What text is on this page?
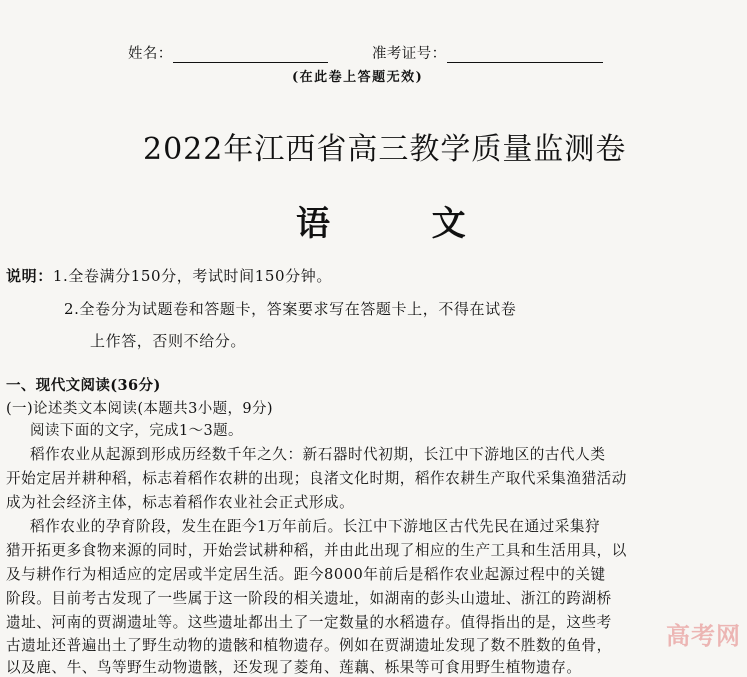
姓名：	准考证号：
(在此卷上答题无效)
2022年江西省高三教学质量监测卷
语  文
说明：1.全卷满分150分，考试时间150分钟。
2.全卷分为试题卷和答题卡，答案要求写在答题卡上，不得在试卷
上作答，否则不给分。
一、现代文阅读(36分)
(一)论述类文本阅读(本题共3小题，9分)
阅读下面的文字，完成1～3题。
稻作农业从起源到形成历经数千年之久：新石器时代初期，长江中下游地区的古代人类
开始定居并耕种稻，标志着稻作农耕的出现；良渚文化时期，稻作农耕生产取代采集渔猎活动
成为社会经济主体，标志着稻作农业社会正式形成。
稻作农业的孕育阶段，发生在距今1万年前后。长江中下游地区古代先民在通过采集狩
猎开拓更多食物来源的同时，开始尝试耕种稻，并由此出现了相应的生产工具和生活用具，以
及与耕作行为相适应的定居或半定居生活。距今8000年前后是稻作农业起源过程中的关键
阶段。目前考古发现了一些属于这一阶段的相关遗址，如湖南的彭头山遗址、浙江的跨湖桥
遗址、河南的贾湖遗址等。这些遗址都出土了一定数量的水稻遗存。值得指出的是，这些考
古遗址还普遍出土了野生动物的遗骸和植物遗存。例如在贾湖遗址发现了数不胜数的鱼骨，
以及鹿、牛、鸟等野生动物遗骸，还发现了菱角、莲藕、栎果等可食用野生植物遗存。
高考网
